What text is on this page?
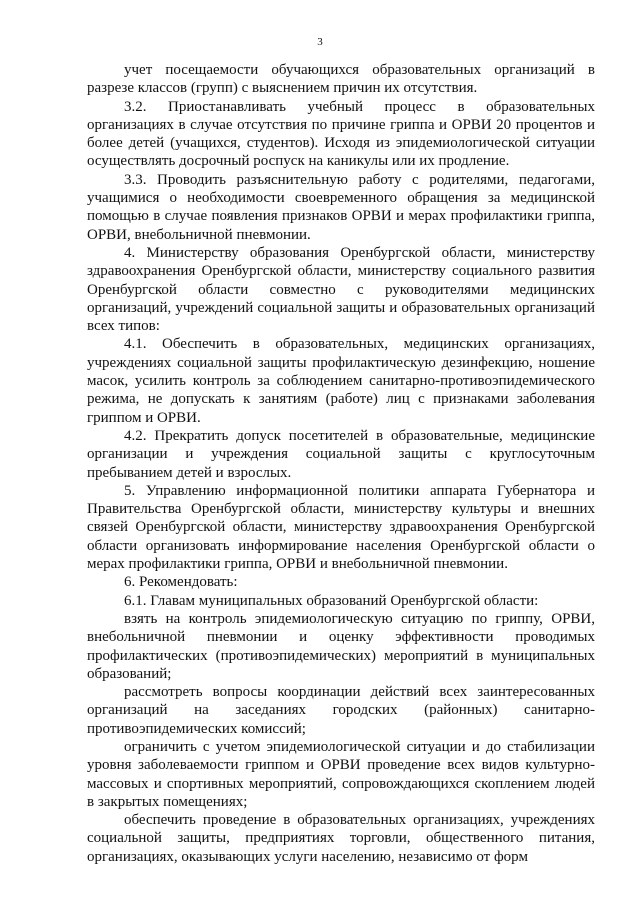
3

учет посещаемости обучающихся образовательных организаций в разрезе классов (групп) с выяснением причин их отсутствия.

3.2. Приостанавливать учебный процесс в образовательных организациях в случае отсутствия по причине гриппа и ОРВИ 20 процентов и более детей (учащихся, студентов). Исходя из эпидемиологической ситуации осуществлять досрочный роспуск на каникулы или их продление.

3.3. Проводить разъяснительную работу с родителями, педагогами, учащимися о необходимости своевременного обращения за медицинской помощью в случае появления признаков ОРВИ и мерах профилактики гриппа, ОРВИ, внебольничной пневмонии.

4. Министерству образования Оренбургской области, министерству здравоохранения Оренбургской области, министерству социального развития Оренбургской области совместно с руководителями медицинских организаций, учреждений социальной защиты и образовательных организаций всех типов:

4.1. Обеспечить в образовательных, медицинских организациях, учреждениях социальной защиты профилактическую дезинфекцию, ношение масок, усилить контроль за соблюдением санитарно-противоэпидемического режима, не допускать к занятиям (работе) лиц с признаками заболевания гриппом и ОРВИ.

4.2. Прекратить допуск посетителей в образовательные, медицинские организации и учреждения социальной защиты с круглосуточным пребыванием детей и взрослых.

5. Управлению информационной политики аппарата Губернатора и Правительства Оренбургской области, министерству культуры и внешних связей Оренбургской области, министерству здравоохранения Оренбургской области организовать информирование населения Оренбургской области о мерах профилактики гриппа, ОРВИ и внебольничной пневмонии.

6. Рекомендовать:

6.1. Главам муниципальных образований Оренбургской области:

взять на контроль эпидемиологическую ситуацию по гриппу, ОРВИ, внебольничной пневмонии и оценку эффективности проводимых профилактических (противоэпидемических) мероприятий в муниципальных образований;

рассмотреть вопросы координации действий всех заинтересованных организаций на заседаниях городских (районных) санитарно-противоэпидемических комиссий;

ограничить с учетом эпидемиологической ситуации и до стабилизации уровня заболеваемости гриппом и ОРВИ проведение всех видов культурно-массовых и спортивных мероприятий, сопровождающихся скоплением людей в закрытых помещениях;

обеспечить проведение в образовательных организациях, учреждениях социальной защиты, предприятиях торговли, общественного питания, организациях, оказывающих услуги населению, независимо от форм
